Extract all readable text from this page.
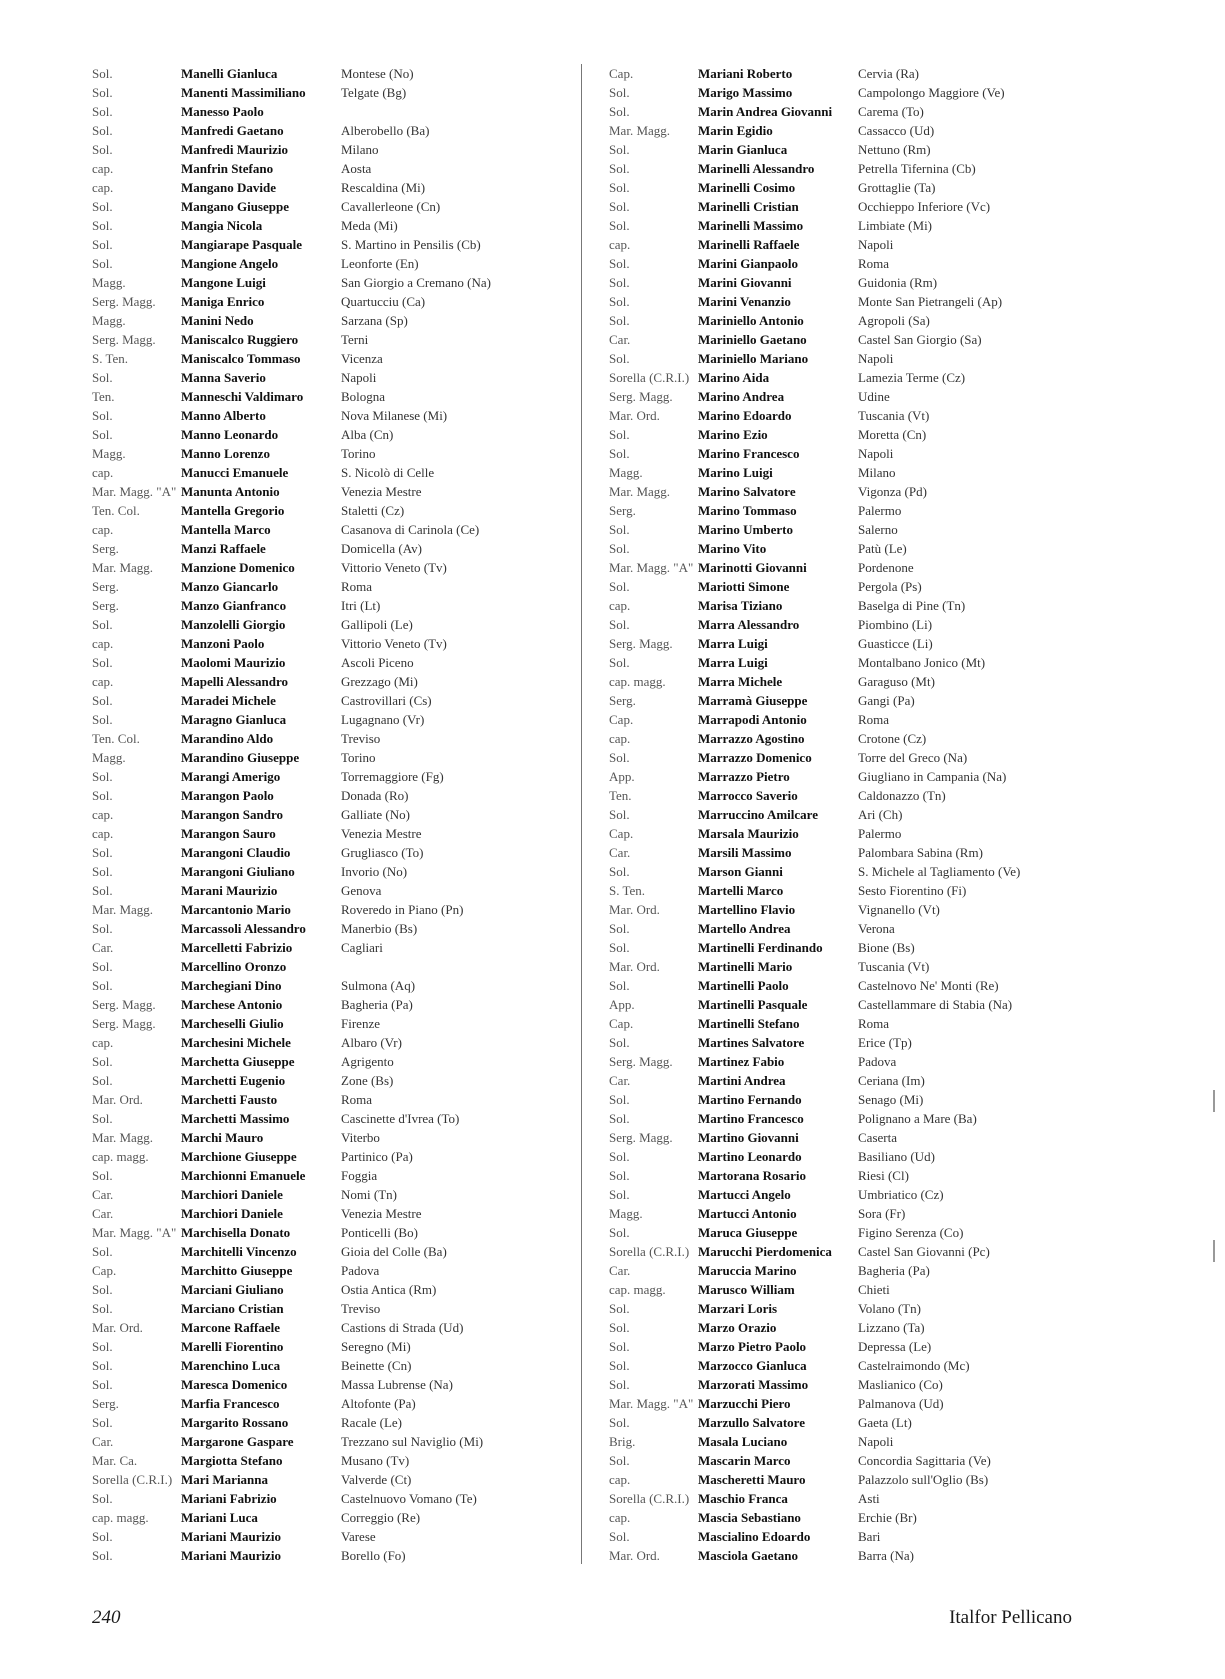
Sol.	Manelli Gianluca	Montese (No)
Sol.	Manenti Massimiliano	Telgate (Bg)
Sol.	Manesso Paolo
Sol.	Manfredi Gaetano	Alberobello (Ba)
Sol.	Manfredi Maurizio	Milano
cap.	Manfrin Stefano	Aosta
cap.	Mangano Davide	Rescaldina (Mi)
Sol.	Mangano Giuseppe	Cavallerleone (Cn)
Sol.	Mangia Nicola	Meda (Mi)
Sol.	Mangiarape Pasquale	S. Martino in Pensilis (Cb)
Sol.	Mangione Angelo	Leonforte (En)
Magg.	Mangone Luigi	San Giorgio a Cremano (Na)
Serg. Magg.	Maniga Enrico	Quartucciu (Ca)
Magg.	Manini Nedo	Sarzana (Sp)
Serg. Magg.	Maniscalco Ruggiero	Terni
S. Ten.	Maniscalco Tommaso	Vicenza
Sol.	Manna Saverio	Napoli
Ten.	Manneschi Valdimaro	Bologna
Sol.	Manno Alberto	Nova Milanese (Mi)
Sol.	Manno Leonardo	Alba (Cn)
Magg.	Manno Lorenzo	Torino
cap.	Manucci Emanuele	S. Nicolò di Celle
Mar. Magg. "A" Manunta Antonio	Venezia Mestre
Ten. Col.	Mantella Gregorio	Staletti (Cz)
cap.	Mantella Marco	Casanova di Carinola (Ce)
Serg.	Manzi Raffaele	Domicella (Av)
Mar. Magg.	Manzione Domenico	Vittorio Veneto (Tv)
Serg.	Manzo Giancarlo	Roma
Serg.	Manzo Gianfranco	Itri (Lt)
Sol.	Manzolelli Giorgio	Gallipoli (Le)
cap.	Manzoni Paolo	Vittorio Veneto (Tv)
Sol.	Maolomi Maurizio	Ascoli Piceno
cap.	Mapelli Alessandro	Grezzago (Mi)
Sol.	Maradei Michele	Castrovillari (Cs)
Sol.	Maragno Gianluca	Lugagnano (Vr)
Ten. Col.	Marandino Aldo	Treviso
Magg.	Marandino Giuseppe	Torino
Sol.	Marangi Amerigo	Torremaggiore (Fg)
Sol.	Marangon Paolo	Donada (Ro)
cap.	Marangon Sandro	Galliate (No)
cap.	Marangon Sauro	Venezia Mestre
Sol.	Marangoni Claudio	Grugliasco (To)
Sol.	Marangoni Giuliano	Invorio (No)
Sol.	Marani Maurizio	Genova
Mar. Magg.	Marcantonio Mario	Roveredo in Piano (Pn)
Sol.	Marcassoli Alessandro	Manerbio (Bs)
Car.	Marcelletti Fabrizio	Cagliari
Sol.	Marcellino Oronzo
Sol.	Marchegiani Dino	Sulmona (Aq)
Serg. Magg.	Marchese Antonio	Bagheria (Pa)
Serg. Magg.	Marcheselli Giulio	Firenze
cap.	Marchesini Michele	Albaro (Vr)
Sol.	Marchetta Giuseppe	Agrigento
Sol.	Marchetti Eugenio	Zone (Bs)
Mar. Ord.	Marchetti Fausto	Roma
Sol.	Marchetti Massimo	Cascinette d'Ivrea (To)
Mar. Magg.	Marchi Mauro	Viterbo
cap. magg.	Marchione Giuseppe	Partinico (Pa)
Sol.	Marchionni Emanuele	Foggia
Car.	Marchiori Daniele	Nomi (Tn)
Car.	Marchiori Daniele	Venezia Mestre
Mar. Magg. "A" Marchisella Donato	Ponticelli (Bo)
Sol.	Marchitelli Vincenzo	Gioia del Colle (Ba)
Cap.	Marchitto Giuseppe	Padova
Sol.	Marciani Giuliano	Ostia Antica (Rm)
Sol.	Marciano Cristian	Treviso
Mar. Ord.	Marcone Raffaele	Castions di Strada (Ud)
Sol.	Marelli Fiorentino	Seregno (Mi)
Sol.	Marenchino Luca	Beinette (Cn)
Sol.	Maresca Domenico	Massa Lubrense (Na)
Serg.	Marfia Francesco	Altofonte (Pa)
Sol.	Margarito Rossano	Racale (Le)
Car.	Margarone Gaspare	Trezzano sul Naviglio (Mi)
Mar. Ca.	Margiotta Stefano	Musano (Tv)
Sorella (C.R.I.) Mari Marianna	Valverde (Ct)
Sol.	Mariani Fabrizio	Castelnuovo Vomano (Te)
cap. magg.	Mariani Luca	Correggio (Re)
Sol.	Mariani Maurizio	Varese
Sol.	Mariani Maurizio	Borello (Fo)
Cap.	Mariani Roberto	Cervia (Ra)
Sol.	Marigo Massimo	Campolongo Maggiore (Ve)
Sol.	Marin Andrea Giovanni	Carema (To)
Mar. Magg.	Marin Egidio	Cassacco (Ud)
Sol.	Marin Gianluca	Nettuno (Rm)
Sol.	Marinelli Alessandro	Petrella Tifernina (Cb)
Sol.	Marinelli Cosimo	Grottaglie (Ta)
Sol.	Marinelli Cristian	Occhieppo Inferiore (Vc)
Sol.	Marinelli Massimo	Limbiate (Mi)
cap.	Marinelli Raffaele	Napoli
Sol.	Marini Gianpaolo	Roma
Sol.	Marini Giovanni	Guidonia (Rm)
Sol.	Marini Venanzio	Monte San Pietrangeli (Ap)
Sol.	Mariniello Antonio	Agropoli (Sa)
Car.	Mariniello Gaetano	Castel San Giorgio (Sa)
Sol.	Mariniello Mariano	Napoli
Sorella (C.R.I.) Marino Aida	Lamezia Terme (Cz)
Serg. Magg.	Marino Andrea	Udine
Mar. Ord.	Marino Edoardo	Tuscania (Vt)
Sol.	Marino Ezio	Moretta (Cn)
Sol.	Marino Francesco	Napoli
Magg.	Marino Luigi	Milano
Mar. Magg.	Marino Salvatore	Vigonza (Pd)
Serg.	Marino Tommaso	Palermo
Sol.	Marino Umberto	Salerno
Sol.	Marino Vito	Patù (Le)
Mar. Magg. "A" Marinotti Giovanni	Pordenone
Sol.	Mariotti Simone	Pergola (Ps)
cap.	Marisa Tiziano	Baselga di Pine (Tn)
Sol.	Marra Alessandro	Piombino (Li)
Serg. Magg.	Marra Luigi	Guasticce (Li)
Sol.	Marra Luigi	Montalbano Jonico (Mt)
cap. magg.	Marra Michele	Garaguso (Mt)
Serg.	Marramà Giuseppe	Gangi (Pa)
Cap.	Marrapodi Antonio	Roma
cap.	Marrazzo Agostino	Crotone (Cz)
Sol.	Marrazzo Domenico	Torre del Greco (Na)
App.	Marrazzo Pietro	Giugliano in Campania (Na)
Ten.	Marrocco Saverio	Caldonazzo (Tn)
Sol.	Marruccino Amilcare	Ari (Ch)
Cap.	Marsala Maurizio	Palermo
Car.	Marsili Massimo	Palombara Sabina (Rm)
Sol.	Marson Gianni	S. Michele al Tagliamento (Ve)
S. Ten.	Martelli Marco	Sesto Fiorentino (Fi)
Mar. Ord.	Martellino Flavio	Vignanello (Vt)
Sol.	Martello Andrea	Verona
Sol.	Martinelli Ferdinando	Bione (Bs)
Mar. Ord.	Martinelli Mario	Tuscania (Vt)
Sol.	Martinelli Paolo	Castelnovo Ne' Monti (Re)
App.	Martinelli Pasquale	Castellammare di Stabia (Na)
Cap.	Martinelli Stefano	Roma
Sol.	Martines Salvatore	Erice (Tp)
Serg. Magg.	Martinez Fabio	Padova
Car.	Martini Andrea	Ceriana (Im)
Sol.	Martino Fernando	Senago (Mi)
Sol.	Martino Francesco	Polignano a Mare (Ba)
Serg. Magg.	Martino Giovanni	Caserta
Sol.	Martino Leonardo	Basiliano (Ud)
Sol.	Martorana Rosario	Riesi (Cl)
Sol.	Martucci Angelo	Umbriatico (Cz)
Magg.	Martucci Antonio	Sora (Fr)
Sol.	Maruca Giuseppe	Figino Serenza (Co)
Sorella (C.R.I.) Marucchi Pierdomenica	Castel San Giovanni (Pc)
Car.	Maruccia Marino	Bagheria (Pa)
cap. magg.	Marusco William	Chieti
Sol.	Marzari Loris	Volano (Tn)
Sol.	Marzo Orazio	Lizzano (Ta)
Sol.	Marzo Pietro Paolo	Depressa (Le)
Sol.	Marzocco Gianluca	Castelraimondo (Mc)
Sol.	Marzorati Massimo	Maslianico (Co)
Mar. Magg. "A" Marzucchi Piero	Palmanova (Ud)
Sol.	Marzullo Salvatore	Gaeta (Lt)
Brig.	Masala Luciano	Napoli
Sol.	Mascarin Marco	Concordia Sagittaria (Ve)
cap.	Mascheretti Mauro	Palazzolo sull'Oglio (Bs)
Sorella (C.R.I.) Maschio Franca	Asti
cap.	Mascia Sebastiano	Erchie (Br)
Sol.	Mascialino Edoardo	Bari
Mar. Ord.	Masciola Gaetano	Barra (Na)
240	Italfor Pellicano
